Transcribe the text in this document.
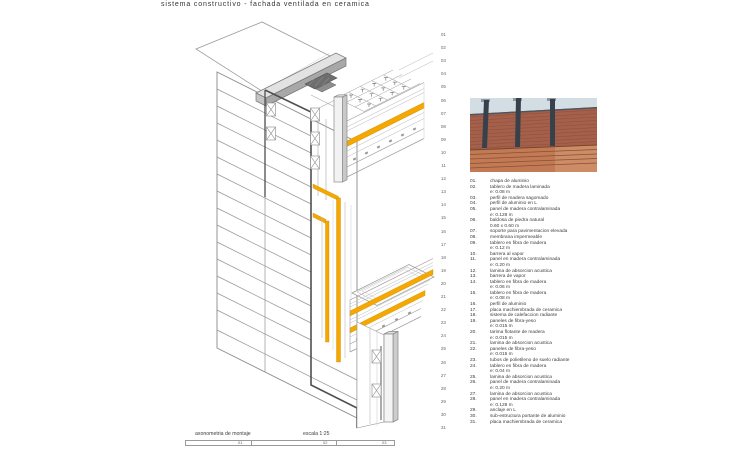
sistema constructivo - fachada ventilada en ceramica
01
02
03
04
05
06
07
08
09
10
11
12
13
14
15
16
17
18
19
20
21
22
23
24
25
26
27
28
29
30
31
01.	chapa de aluminio
02.	tablero de madera laminada
e: 0.08 m
03.	perfil de madera sagomado
04.	perfil de aluminio en L
05.	panel de madera contralaminada
e: 0.128 m
06.	baldosa de piedra natural
0.60 x 0.60 m
07.	soporte para pavimentacion elevada
08.	membrana impermeable
09.	tablero en fibra de madera
e: 0.12 m
10.	barrera al vapor
11.	panel en madera contralaminada
e: 0.20 m
12.	lamina de absorcion acustica
13.	barrera de vapor
14.	tablero en fibra de madera
e: 0.06 m
15.	tablero en fibra de madera
e: 0.08 m
16.	perfil de aluminio
17.	placa machiembrada de ceramica
18.	sistema de calefaccion radiante
19.	paneles de fibra-yeso
e: 0.015 m
20.	tarima flotante de madera
e: 0.015 m
21.	lamina de absorcion acustica
22.	paneles de fibra-yeso
e: 0.015 m
23.	tubos de polietileno de suelo radiante
24.	tablero en fibra de madera
e: 0.04 m
25.	lamina de absorcion acustica
26.	panel de madera contralaminada
e: 0.20 m
27.	lamina de absorcion acustica
28.	panel en madera contralaminada
e: 0.128 m
29.	anclaje en L
30.	sub-estructura portante de aluminio
31.	placa machiembrada de ceramica
axonometria de montaje	escala 1:25
01	02	03
